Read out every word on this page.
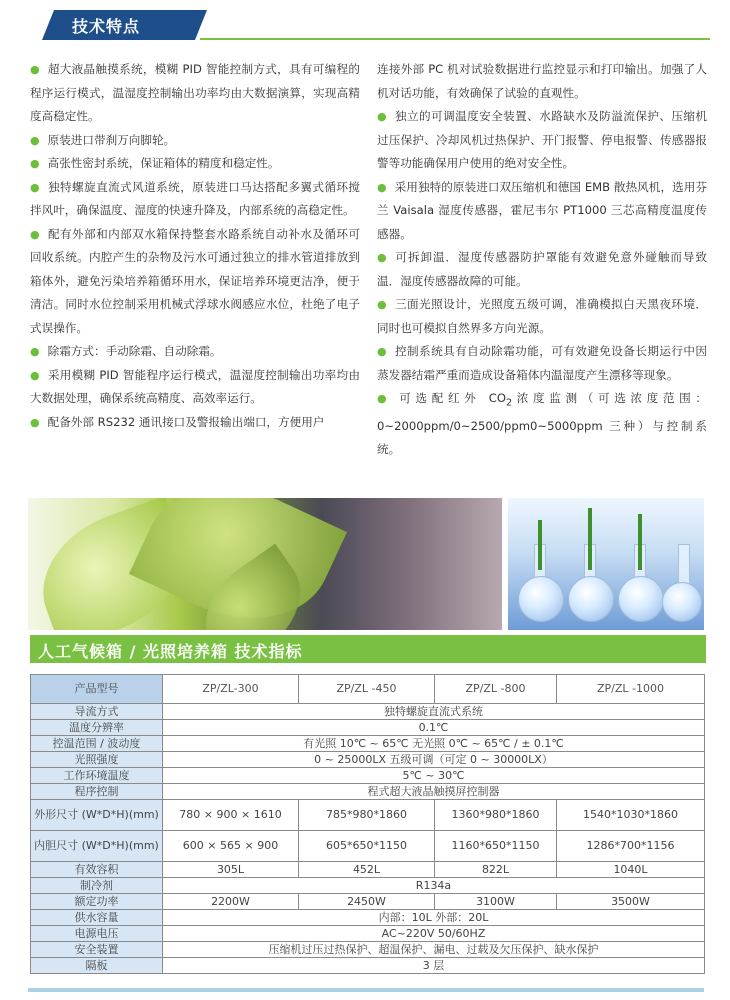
技术特点

● 超大液晶触摸系统，模糊 PID 智能控制方式，具有可编程的程序运行模式，温湿度控制输出功率均由大数据演算，实现高精度高稳定性。

● 原装进口带刹万向脚轮。

● 高张性密封系统，保证箱体的精度和稳定性。

● 独特螺旋直流式风道系统，原装进口马达搭配多翼式循环搅拌风叶，确保温度、湿度的快速升降及，内部系统的高稳定性。

● 配有外部和内部双水箱保持整套水路系统自动补水及循环可回收系统。内腔产生的杂物及污水可通过独立的排水管道排放到箱体外，避免污染培养箱循环用水，保证培养环境更洁净，便于清洁。同时水位控制采用机械式浮球水阀感应水位，杜绝了电子式误操作。

● 除霜方式：手动除霜、自动除霜。

● 采用模糊 PID 智能程序运行模式，温湿度控制输出功率均由大数据处理，确保系统高精度、高效率运行。

● 配备外部 RS232 通讯接口及警报输出端口，方便用户

连接外部 PC 机对试验数据进行监控显示和打印输出。加强了人机对话功能，有效确保了试验的直观性。

● 独立的可调温度安全装置、水路缺水及防溢流保护、压缩机过压保护、冷却风机过热保护、开门报警、停电报警、传感器报警等功能确保用户使用的绝对安全性。

● 采用独特的原装进口双压缩机和德国 EMB 散热风机，选用芬兰 Vaisala 湿度传感器，霍尼韦尔 PT1000 三芯高精度温度传感器。

● 可拆卸温．湿度传感器防护罩能有效避免意外碰触而导致温．湿度传感器故障的可能。

● 三面光照设计，光照度五级可调，准确模拟白天黑夜环境．同时也可模拟自然界多方向光源。

● 控制系统具有自动除霜功能，可有效避免设备长期运行中因蒸发器结霜严重而造成设备箱体内温湿度产生漂移等现象。

● 可选配红外 $CO_2$浓度监测（可选浓度范围：0~2000ppm/0~2500/ppm0~5000ppm 三种）与控制系统。

人工气候箱 / 光照培养箱 技术指标
产品型号	ZP/ZL-300	ZP/ZL -450	ZP/ZL -800	ZP/ZL -1000
导流方式	独特螺旋直流式系统			
温度分辨率	0.1℃			
控温范围 / 波动度	有光照 10℃ ~ 65℃ 无光照 0℃ ~ 65℃ / ± 0.1℃			
光照强度	0 ~ 25000LX 五级可调（可定 0 ~ 30000LX）			
工作环境温度	5℃ ~ 30℃			
程序控制	程式超大液晶触摸屏控制器			
外形尺寸 (W*D*H)(mm)	780 × 900 × 1610	785*980*1860	1360*980*1860	1540*1030*1860
内胆尺寸 (W*D*H)(mm)	600 × 565 × 900	605*650*1150	1160*650*1150	1286*700*1156
有效容积	305L	452L	822L	1040L
制冷剂	R134a			
额定功率	2200W	2450W	3100W	3500W
供水容量	内部：10L 外部：20L			
电源电压	AC~220V 50/60HZ			
安全装置	压缩机过压过热保护、超温保护、漏电、过载及欠压保护、缺水保护			
隔板	3 层			
